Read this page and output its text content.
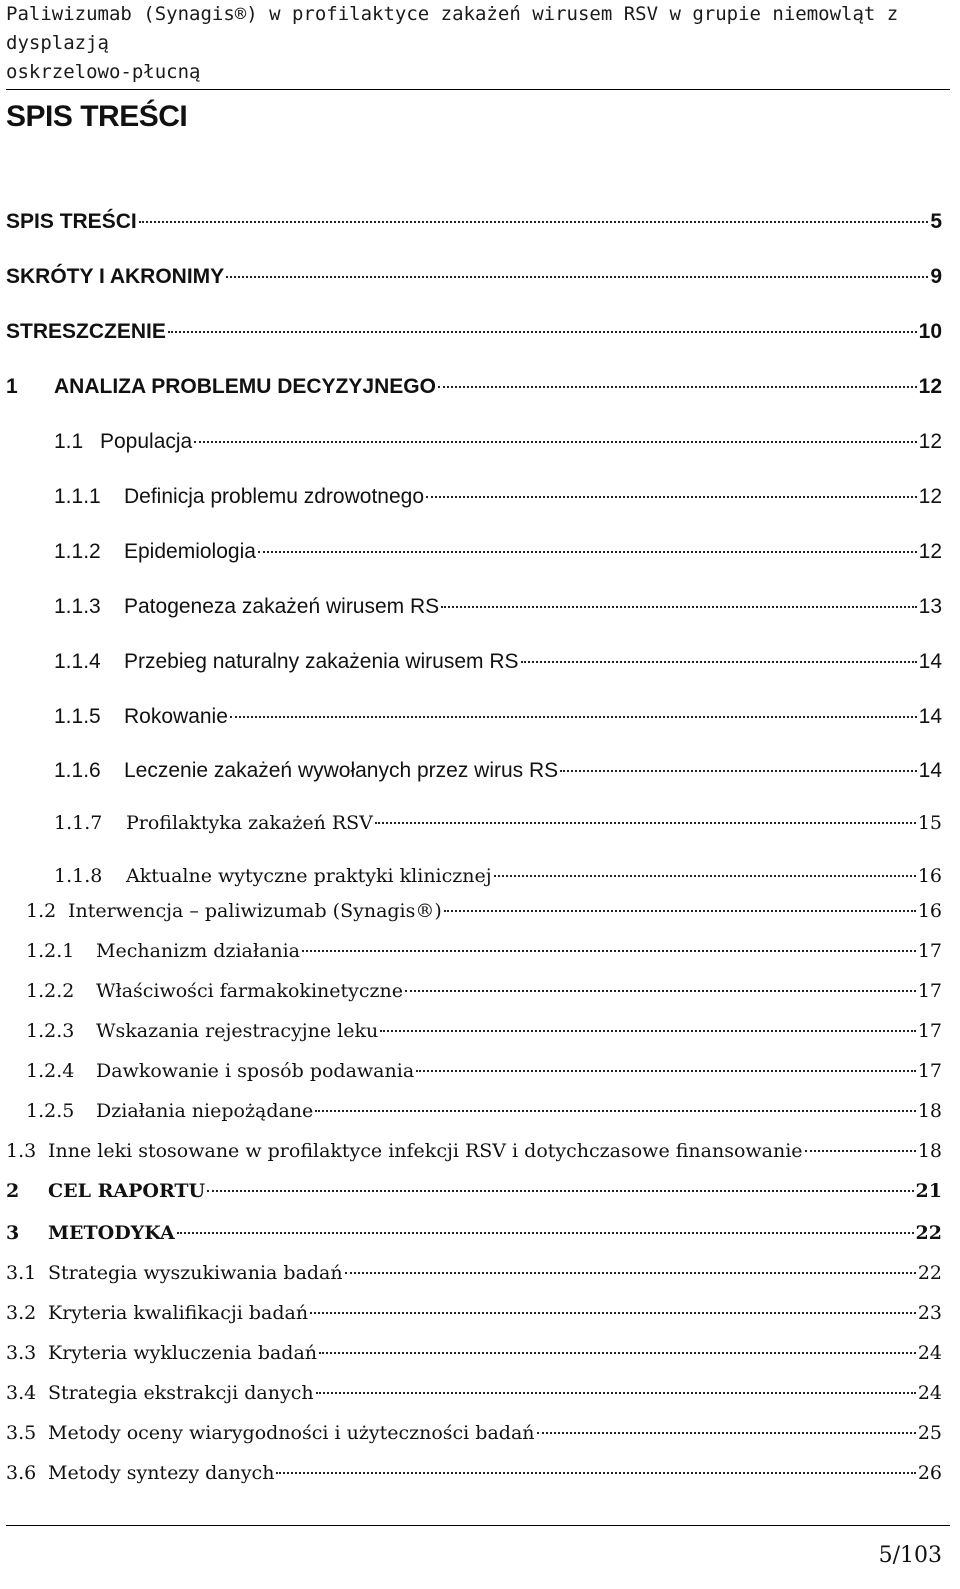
Paliwizumab (Synagis®) w profilaktyce zakażeń wirusem RSV w grupie niemowląt z dysplazją
oskrzelowo-płucną
SPIS TREŚCI
SPIS TREŚCI	5
SKRÓTY I AKRONIMY	9
STRESZCZENIE	10
1	ANALIZA PROBLEMU DECYZYJNEGO	12
1.1 Populacja	12
1.1.1	Definicja problemu zdrowotnego	12
1.1.2	Epidemiologia	12
1.1.3	Patogeneza zakażeń wirusem RS	13
1.1.4	Przebieg naturalny zakażenia wirusem RS	14
1.1.5	Rokowanie	14
1.1.6	Leczenie zakażeń wywołanych przez wirus RS	14
1.1.7	Profilaktyka zakażeń RSV	15
1.1.8	Aktualne wytyczne praktyki klinicznej	16
1.2 Interwencja – paliwizumab (Synagis®)	16
1.2.1	Mechanizm działania	17
1.2.2	Właściwości farmakokinetyczne	17
1.2.3	Wskazania rejestracyjne leku	17
1.2.4	Dawkowanie i sposób podawania	17
1.2.5	Działania niepożądane	18
1.3 Inne leki stosowane w profilaktyce infekcji RSV i dotychczasowe finansowanie	18
2	CEL RAPORTU	21
3	METODYKA	22
3.1 Strategia wyszukiwania badań	22
3.2 Kryteria kwalifikacji badań	23
3.3 Kryteria wykluczenia badań	24
3.4 Strategia ekstrakcji danych	24
3.5 Metody oceny wiarygodności i użyteczności badań	25
3.6 Metody syntezy danych	26
5/103
